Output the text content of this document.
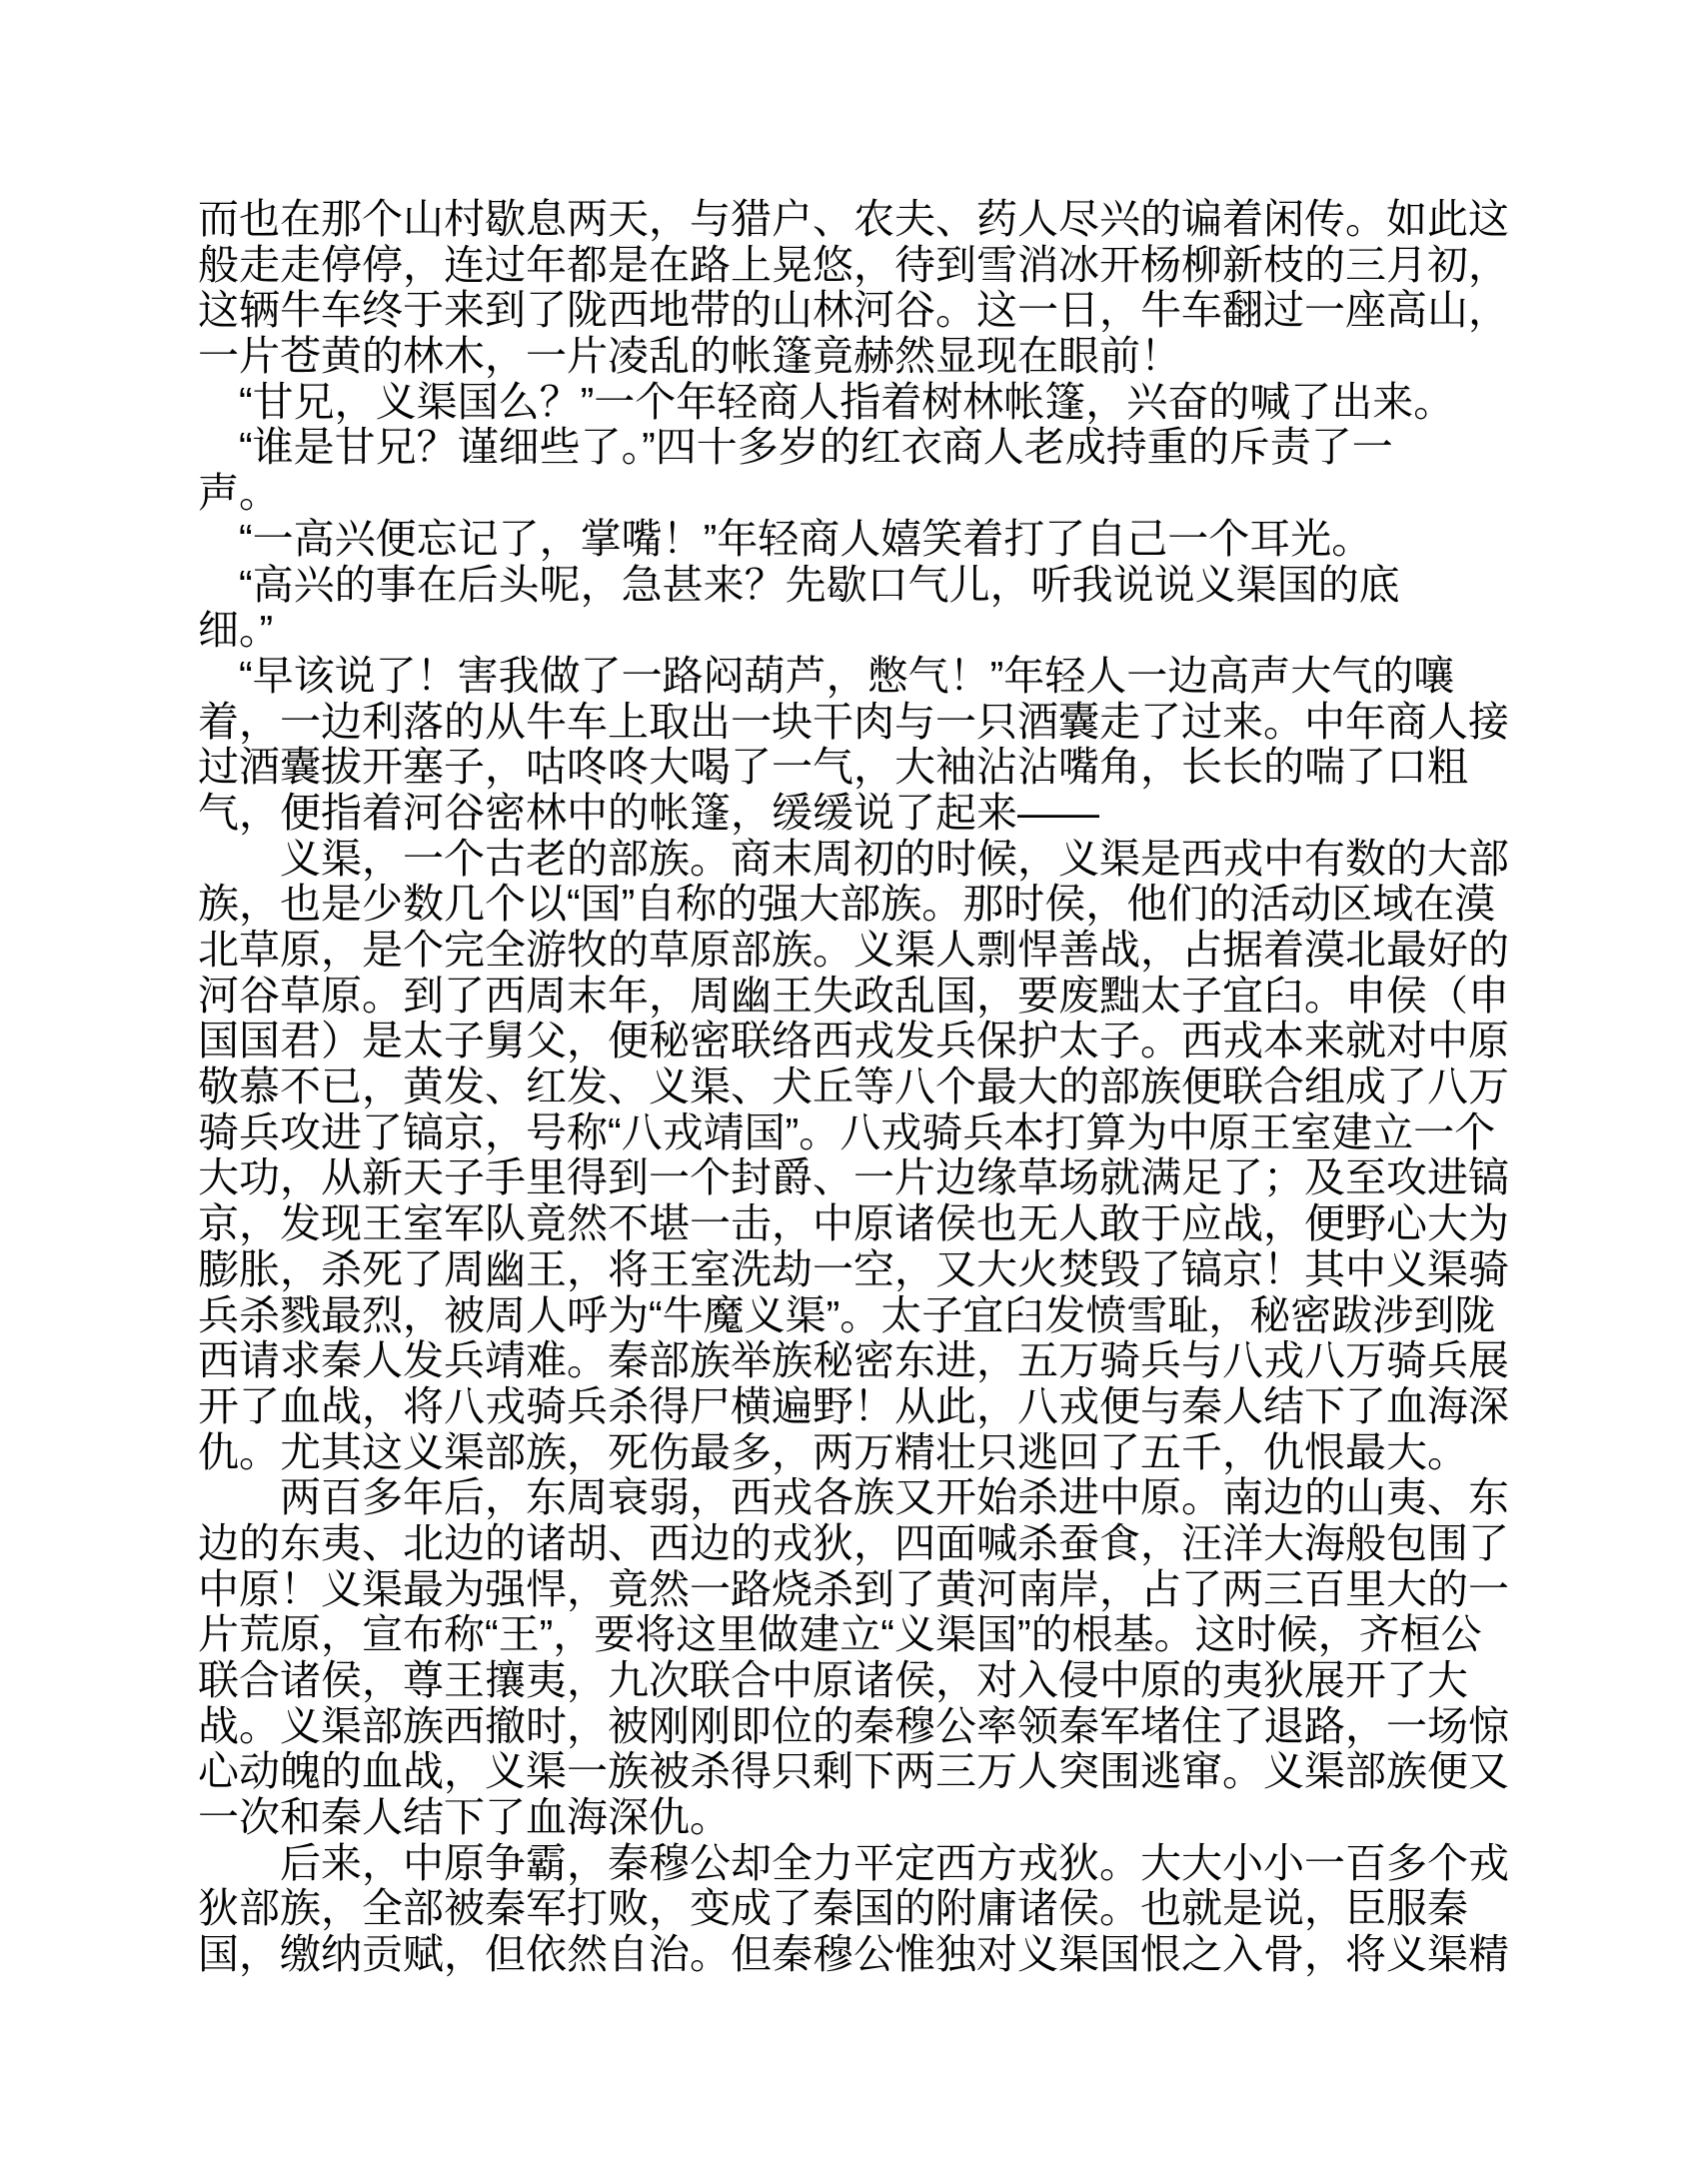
而也在那个山村歇息两天，与猎户、农夫、药人尽兴的谝着闲传。如此这
般走走停停，连过年都是在路上晃悠，待到雪消冰开杨柳新枝的三月初，
这辆牛车终于来到了陇西地带的山林河谷。这一日，牛车翻过一座高山，
一片苍黄的林木，一片凌乱的帐篷竟赫然显现在眼前！
　“甘兄，义渠国么？”一个年轻商人指着树林帐篷，兴奋的喊了出来。
　“谁是甘兄？谨细些了。”四十多岁的红衣商人老成持重的斥责了一
声。
　“一高兴便忘记了，掌嘴！”年轻商人嬉笑着打了自己一个耳光。
　“高兴的事在后头呢，急甚来？先歇口气儿，听我说说义渠国的底
细。”
　“早该说了！害我做了一路闷葫芦，憋气！”年轻人一边高声大气的嚷
着，一边利落的从牛车上取出一块干肉与一只酒囊走了过来。中年商人接
过酒囊拔开塞子，咕咚咚大喝了一气，大袖沾沾嘴角，长长的喘了口粗
气，便指着河谷密林中的帐篷，缓缓说了起来——
　　义渠，一个古老的部族。商末周初的时候，义渠是西戎中有数的大部
族，也是少数几个以“国”自称的强大部族。那时侯，他们的活动区域在漠
北草原，是个完全游牧的草原部族。义渠人剽悍善战，占据着漠北最好的
河谷草原。到了西周末年，周幽王失政乱国，要废黜太子宜臼。申侯（申
国国君）是太子舅父，便秘密联络西戎发兵保护太子。西戎本来就对中原
敬慕不已，黄发、红发、义渠、犬丘等八个最大的部族便联合组成了八万
骑兵攻进了镐京，号称“八戎靖国”。八戎骑兵本打算为中原王室建立一个
大功，从新天子手里得到一个封爵、一片边缘草场就满足了；及至攻进镐
京，发现王室军队竟然不堪一击，中原诸侯也无人敢于应战，便野心大为
膨胀，杀死了周幽王，将王室洗劫一空，又大火焚毁了镐京！其中义渠骑
兵杀戮最烈，被周人呼为“牛魔义渠”。太子宜臼发愤雪耻，秘密跋涉到陇
西请求秦人发兵靖难。秦部族举族秘密东进，五万骑兵与八戎八万骑兵展
开了血战，将八戎骑兵杀得尸横遍野！从此，八戎便与秦人结下了血海深
仇。尤其这义渠部族，死伤最多，两万精壮只逃回了五千，仇恨最大。
　　两百多年后，东周衰弱，西戎各族又开始杀进中原。南边的山夷、东
边的东夷、北边的诸胡、西边的戎狄，四面喊杀蚕食，汪洋大海般包围了
中原！义渠最为强悍，竟然一路烧杀到了黄河南岸，占了两三百里大的一
片荒原，宣布称“王”，要将这里做建立“义渠国”的根基。这时候，齐桓公
联合诸侯，尊王攘夷，九次联合中原诸侯，对入侵中原的夷狄展开了大
战。义渠部族西撤时，被刚刚即位的秦穆公率领秦军堵住了退路，一场惊
心动魄的血战，义渠一族被杀得只剩下两三万人突围逃窜。义渠部族便又
一次和秦人结下了血海深仇。
　　后来，中原争霸，秦穆公却全力平定西方戎狄。大大小小一百多个戎
狄部族，全部被秦军打败，变成了秦国的附庸诸侯。也就是说，臣服秦
国，缴纳贡赋，但依然自治。但秦穆公惟独对义渠国恨之入骨，将义渠精
